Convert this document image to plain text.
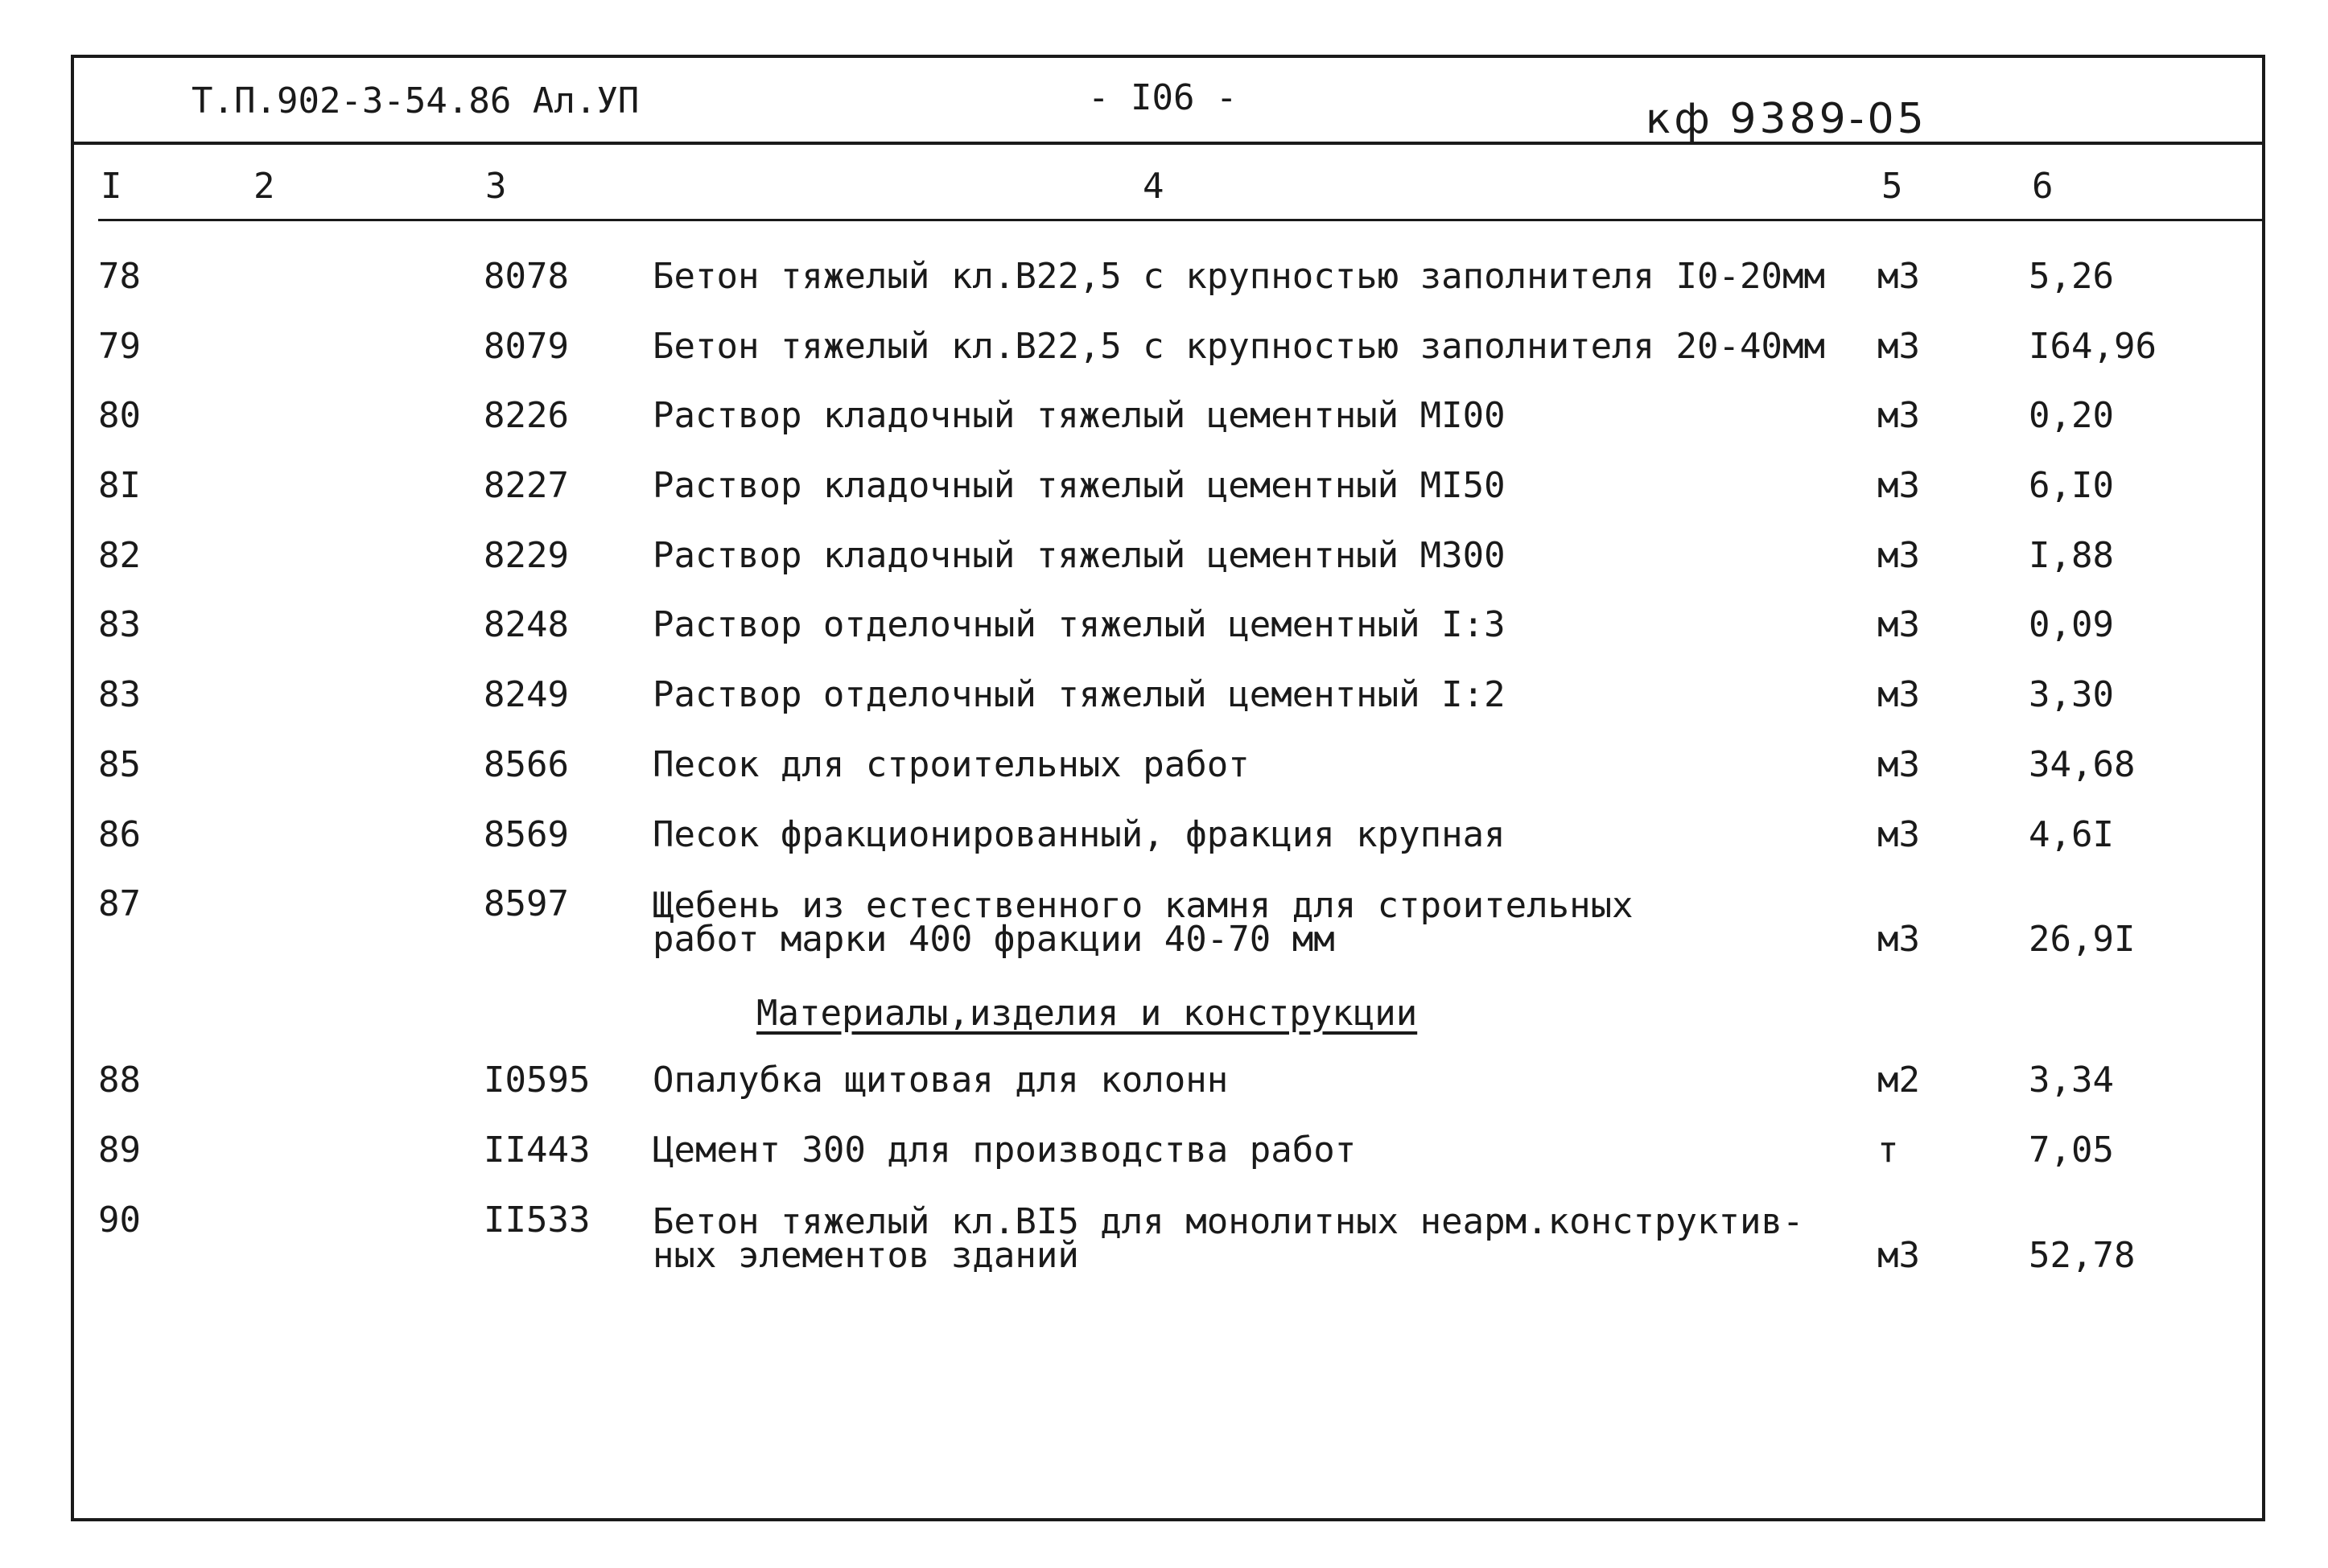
Т.П.902-3-54.86 Ал.УП	- I06 -	кф 9389-05
I	2	3	4	5	6
78	8078 Бетон тяжелый кл.В22,5 с крупностью заполнителя I0-20мм м3	5,26
79	8079 Бетон тяжелый кл.В22,5 с крупностью заполнителя 20-40мм м3	I64,96
80	8226 Раствор кладочный тяжелый цементный МI00	м3	0,20
8I	8227 Раствор кладочный тяжелый цементный МI50	м3	6,I0
82	8229 Раствор кладочный тяжелый цементный М300	м3	I,88
83	8248 Раствор отделочный тяжелый цементный I:3	м3	0,09
83	8249 Раствор отделочный тяжелый цементный I:2	м3	3,30
85	8566 Песок для строительных работ	м3	34,68
86	8569 Песок фракционированный, фракция крупная	м3	4,6I
87	8597 Щебень из естественного камня для строительных
работ марки 400 фракции 40-70 мм	м3	26,9I
Материалы,изделия и конструкции
88	I0595 Опалубка щитовая для колонн	м2	3,34
89	II443 Цемент 300 для производства работ	т	7,05
90	II533 Бетон тяжелый кл.ВI5 для монолитных неарм.конструктив-
ных элементов зданий	м3	52,78
